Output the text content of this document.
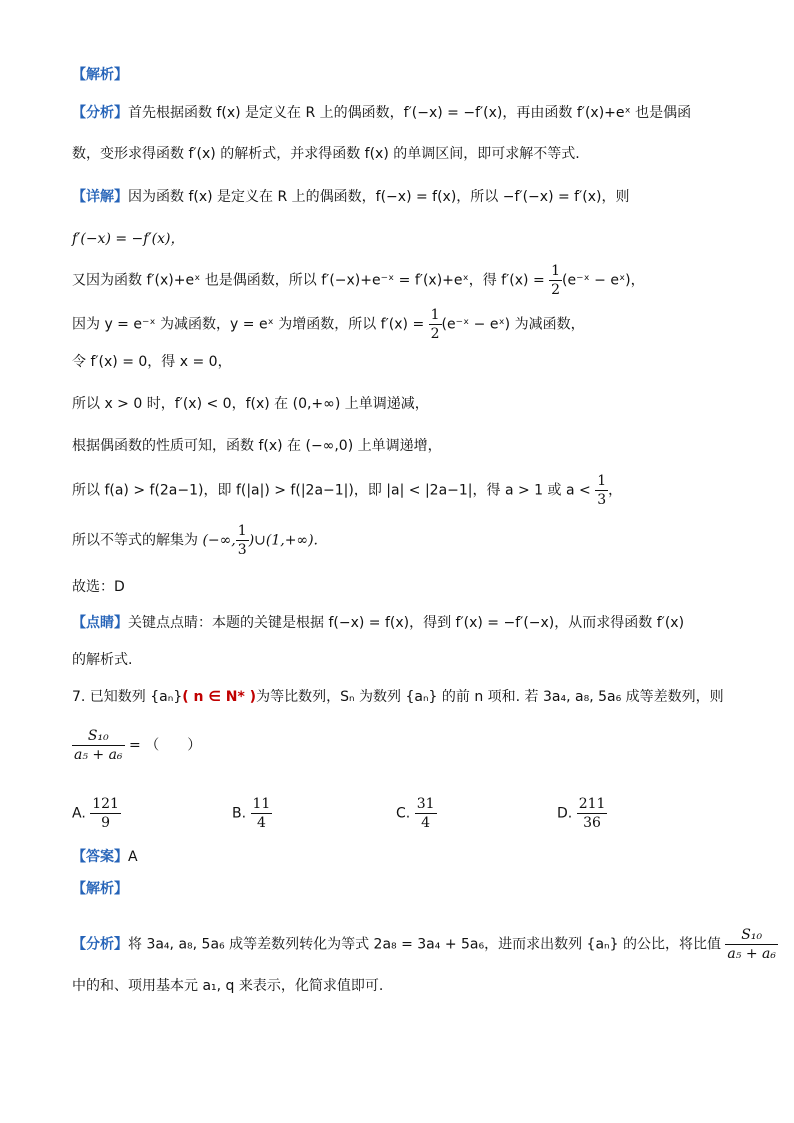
【解析】
【分析】首先根据函数 f(x) 是定义在 R 上的偶函数，f′(−x) = −f′(x)，再由函数 f′(x)+eˣ 也是偶函
数，变形求得函数 f′(x) 的解析式，并求得函数 f(x) 的单调区间，即可求解不等式.
【详解】因为函数 f(x) 是定义在 R 上的偶函数，f(−x) = f(x)，所以 −f′(−x) = f′(x)，则
f′(−x) = −f′(x)，
又因为函数 f′(x)+eˣ 也是偶函数，所以 f′(−x)+e⁻ˣ = f′(x)+eˣ，得 $f'(x) = \frac{1}{2}$ (e⁻ˣ − eˣ)，
因为 y = e⁻ˣ 为减函数，y = eˣ 为增函数，所以 $f'(x) = \frac{1}{2}$ (e⁻ˣ − eˣ) 为减函数，
令 f′(x) = 0，得 x = 0，
所以 x > 0 时，f′(x) < 0，f(x) 在 (0,+∞) 上单调递减，
根据偶函数的性质可知，函数 f(x) 在 (−∞,0) 上单调递增，
所以 f(a) > f(2a−1)，即 f(|a|) > f(|2a−1|)，即 |a| < |2a−1|，得 a > 1 或 $a < \frac{1}{3}$ ，
所以不等式的解集为 (−∞, $\frac{1}{3}$ )∪(1,+∞).
故选：D
【点睛】关键点点睛：本题的关键是根据 f(−x) = f(x)，得到 f′(x) = −f′(−x)，从而求得函数 f′(x)
的解析式.
7. 已知数列 {aₙ}( n ∈ N* )为等比数列，Sₙ 为数列 {aₙ} 的前 n 项和. 若 3a₄, a₈, 5a₆ 成等差数列，则
$\frac{\text{S₁₀}}{\text{a₅ + a₆}}$ = （　　）
A. $\frac{121}{9}$	B. $\frac{11}{4}$	C. $\frac{31}{4}$	D. $\frac{211}{36}$
【答案】A
【解析】
【分析】将 3a₄, a₈, 5a₆ 成等差数列转化为等式 2a₈ = 3a₄ + 5a₆，进而求出数列 {aₙ} 的公比，将比值 $\frac{\text{S₁₀}}{\text{a₅ + a₆}}$
中的和、项用基本元 a₁, q 来表示，化简求值即可.
